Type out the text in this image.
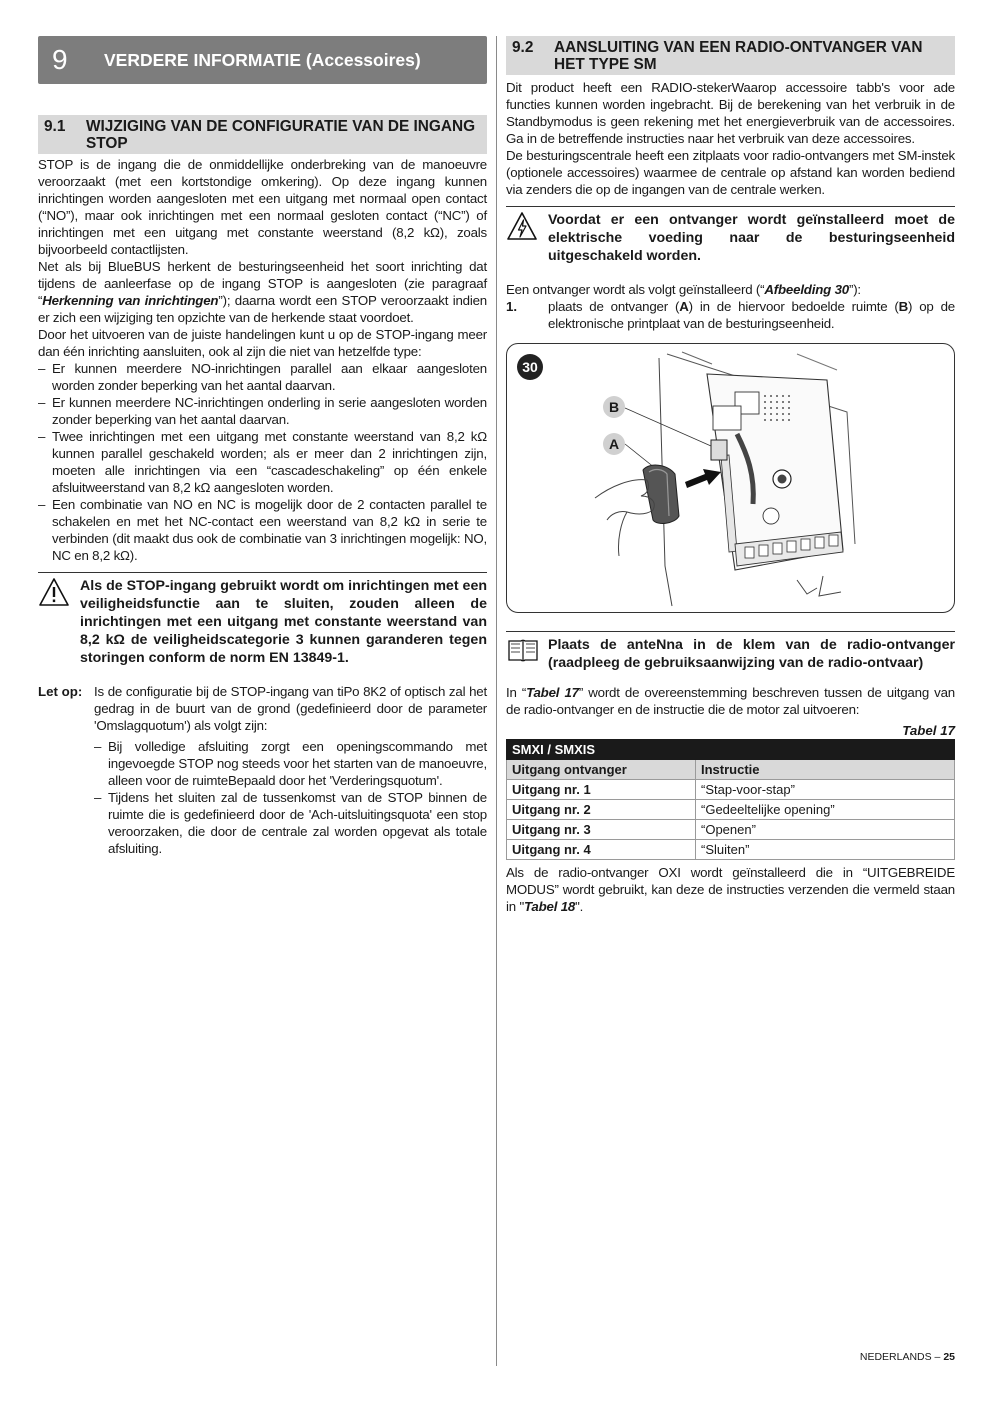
9	VERDERE INFORMATIE (Accessoires)
9.1	WIJZIGING VAN DE CONFIGURATIE VAN DE INGANG STOP

STOP is de ingang die de onmiddellijke onderbreking van de manoeuvre veroorzaakt (met een kortstondige omkering). Op deze ingang kunnen inrichtingen worden aangesloten met een uitgang met normaal open contact (“NO”), maar ook inrichtingen met een normaal gesloten contact (“NC”) of inrichtingen met een uitgang met constante weerstand (8,2 kΩ), zoals bijvoorbeeld contactlijsten.

Net als bij BlueBUS herkent de besturingseenheid het soort inrichting dat tijdens de aanleerfase op de ingang STOP is aangesloten (zie paragraaf “Herkenning van inrichtingen”); daarna wordt een STOP veroorzaakt indien er zich een wijziging ten opzichte van de herkende staat voordoet.

Door het uitvoeren van de juiste handelingen kunt u op de STOP-ingang meer dan één inrichting aansluiten, ook al zijn die niet van hetzelfde type:

– Er kunnen meerdere NO-inrichtingen parallel aan elkaar aangesloten worden zonder beperking van het aantal daarvan.
– Er kunnen meerdere NC-inrichtingen onderling in serie aangesloten worden zonder beperking van het aantal daarvan.
– Twee inrichtingen met een uitgang met constante weerstand van 8,2 kΩ kunnen parallel geschakeld worden; als er meer dan 2 inrichtingen zijn, moeten alle inrichtingen via een “cascadeschakeling” op één enkele afsluitweerstand van 8,2 kΩ aangesloten worden.
– Een combinatie van NO en NC is mogelijk door de 2 contacten parallel te schakelen en met het NC-contact een weerstand van 8,2 kΩ in serie te verbinden (dit maakt dus ook de combinatie van 3 inrichtingen mogelijk: NO, NC en 8,2 kΩ).
Als de STOP-ingang gebruikt wordt om inrichtingen met een veiligheidsfunctie aan te sluiten, zouden alleen de inrichtingen met een uitgang met constante weerstand van 8,2 kΩ de veiligheidscategorie 3 kunnen garanderen tegen storingen conform de norm EN 13849-1.
Let op: Is de configuratie bij de STOP-ingang van tiPo 8K2 of optisch zal het gedrag in de buurt van de grond (gedefinieerd door de parameter 'Omslagquotum') als volgt zijn:

– Bij volledige afsluiting zorgt een openingscommando met ingevoegde STOP nog steeds voor het starten van de manoeuvre, alleen voor de ruimteBepaald door het 'Verderingsquotum'.
– Tijdens het sluiten zal de tussenkomst van de STOP binnen de ruimte die is gedefinieerd door de 'Ach-uitsluitingsquota' een stop veroorzaken, die door de centrale zal worden opgevat als totale afsluiting.
9.2	AANSLUITING VAN EEN RADIO-ONTVANGER VAN HET TYPE SM

Dit product heeft een RADIO-stekerWaarop accessoire tabb's voor ade functies kunnen worden ingebracht. Bij de berekening van het verbruik in de Standbymodus is geen rekening met het energieverbruik van de accessoires. Ga in de betreffende instructies naar het verbruik van deze accessoires.

De besturingscentrale heeft een zitplaats voor radio-ontvangers met SM-instek (optionele accessoires) waarmee de centrale op afstand kan worden bediend via zenders die op de ingangen van de centrale werken.

Voordat er een ontvanger wordt geïnstalleerd moet de elektrische voeding naar de besturingseenheid uitgeschakeld worden.

Een ontvanger wordt als volgt geïnstalleerd (“Afbeelding 30”):

1.	plaats de ontvanger (A) in de hiervoor bedoelde ruimte (B) op de elektronische printplaat van de besturingseenheid.

30
B
A
Plaats de anteNna in de klem van de radio-ontvanger (raadpleeg de gebruiksaanwijzing van de radio-ontvaar)

In “Tabel 17” wordt de overeenstemming beschreven tussen de uitgang van de radio-ontvanger en de instructie die de motor zal uitvoeren:

Tabel 17
SMXI / SMXIS	
Uitgang ontvanger	Instructie
Uitgang nr. 1	“Stap-voor-stap”
Uitgang nr. 2	“Gedeeltelijke opening”
Uitgang nr. 3	“Openen”
Uitgang nr. 4	“Sluiten”

Als de radio-ontvanger OXI wordt geïnstalleerd die in “UITGEBREIDE MODUS” wordt gebruikt, kan deze de instructies verzenden die vermeld staan in "Tabel 18".

NEDERLANDS – 25
